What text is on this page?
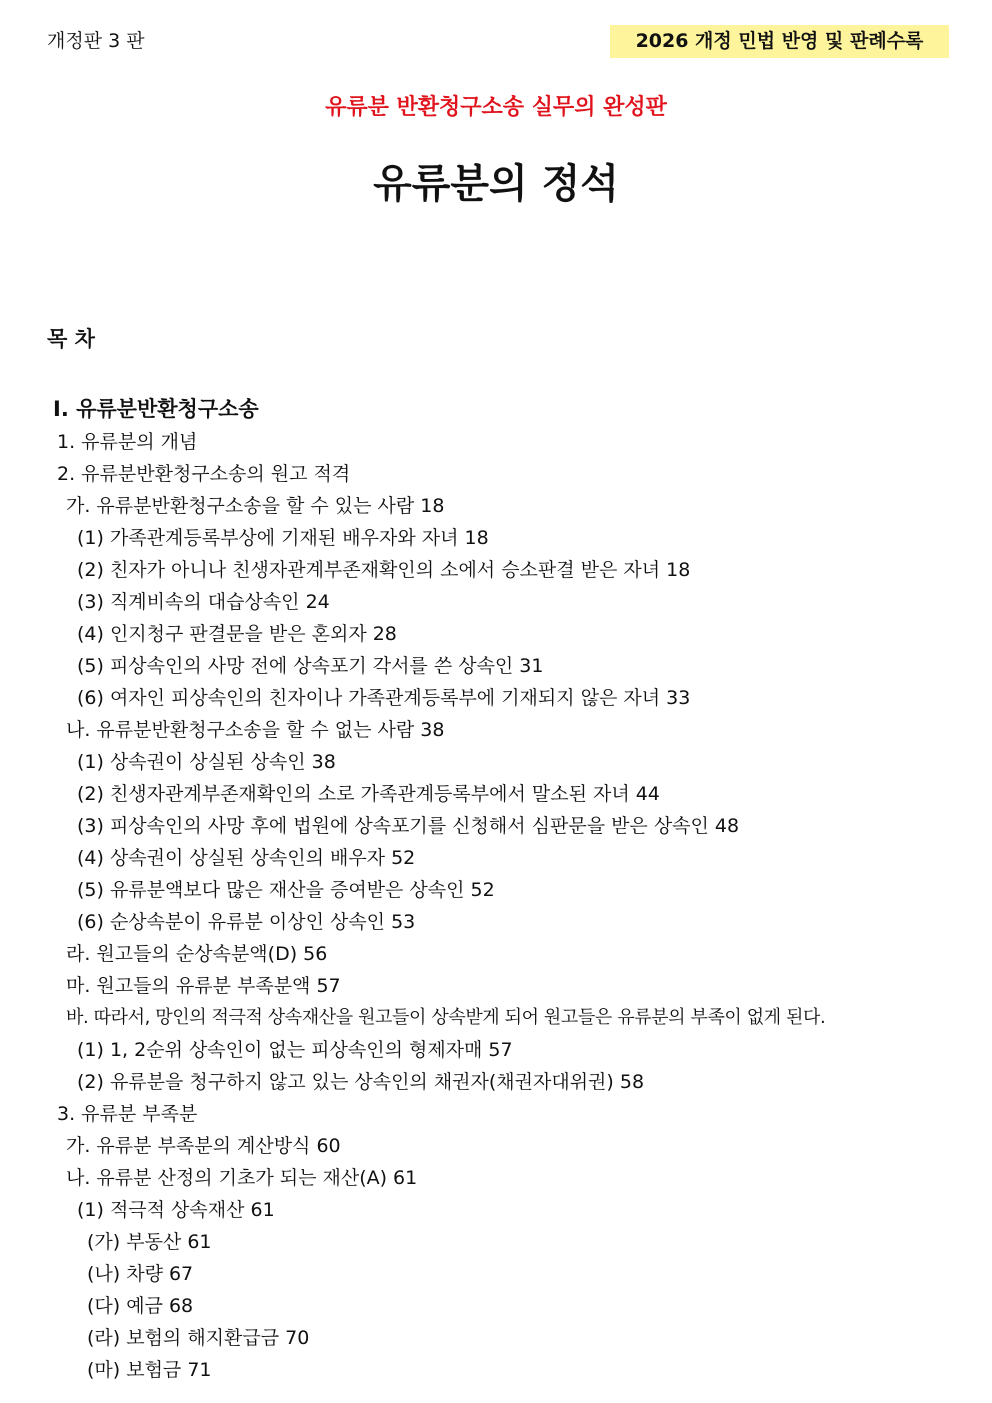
개정판 3 판	2026 개정 민법 반영 및 판례수록
유류분 반환청구소송 실무의 완성판
유류분의 정석
목 차
Ⅰ. 유류분반환청구소송
1. 유류분의 개념
2. 유류분반환청구소송의 원고 적격
가. 유류분반환청구소송을 할 수 있는 사람 18
(1) 가족관계등록부상에 기재된 배우자와 자녀 18
(2) 친자가 아니나 친생자관계부존재확인의 소에서 승소판결 받은 자녀 18
(3) 직계비속의 대습상속인 24
(4) 인지청구 판결문을 받은 혼외자 28
(5) 피상속인의 사망 전에 상속포기 각서를 쓴 상속인 31
(6) 여자인 피상속인의 친자이나 가족관계등록부에 기재되지 않은 자녀 33
나. 유류분반환청구소송을 할 수 없는 사람 38
(1) 상속권이 상실된 상속인 38
(2) 친생자관계부존재확인의 소로 가족관계등록부에서 말소된 자녀 44
(3) 피상속인의 사망 후에 법원에 상속포기를 신청해서 심판문을 받은 상속인 48
(4) 상속권이 상실된 상속인의 배우자 52
(5) 유류분액보다 많은 재산을 증여받은 상속인 52
(6) 순상속분이 유류분 이상인 상속인 53
라. 원고들의 순상속분액(D) 56
마. 원고들의 유류분 부족분액 57
바. 따라서, 망인의 적극적 상속재산을 원고들이 상속받게 되어 원고들은 유류분의 부족이 없게 된다.
(1) 1, 2순위 상속인이 없는 피상속인의 형제자매 57
(2) 유류분을 청구하지 않고 있는 상속인의 채권자(채권자대위권) 58
3. 유류분 부족분
가. 유류분 부족분의 계산방식 60
나. 유류분 산정의 기초가 되는 재산(A) 61
(1) 적극적 상속재산 61
(가) 부동산 61
(나) 차량 67
(다) 예금 68
(라) 보험의 해지환급금 70
(마) 보험금 71
